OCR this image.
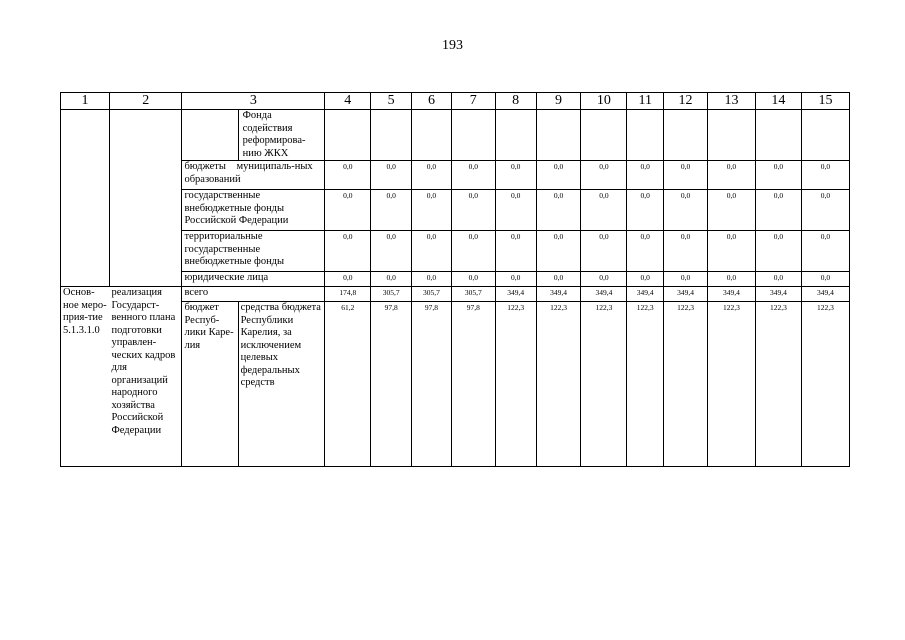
193
1	2	3		4	5	6	7	8	9	10	11	12	13	14	15
			Фонда содействия реформирова-нию ЖКХ												
		бюджеты муниципаль-ных образований		0,0	0,0	0,0	0,0	0,0	0,0	0,0	0,0	0,0	0,0	0,0	0,0
		государственные внебюджетные фонды Российской Федерации		0,0	0,0	0,0	0,0	0,0	0,0	0,0	0,0	0,0	0,0	0,0	0,0
		территориальные государственные внебюджетные фонды		0,0	0,0	0,0	0,0	0,0	0,0	0,0	0,0	0,0	0,0	0,0	0,0
		юридические лица		0,0	0,0	0,0	0,0	0,0	0,0	0,0	0,0	0,0	0,0	0,0	0,0
Основ-ное меро-прия-тие 5.1.3.1.0	реализация Государст-венного плана подготовки управлен-ческих кадров для организаций народного хозяйства Российской Федерации	всего		174,8	305,7	305,7	305,7	349,4	349,4	349,4	349,4	349,4	349,4	349,4	349,4
		бюджет Респуб-лики Каре-лия	средства бюджета Республики Карелия, за исключением целевых федеральных средств	61,2	97,8	97,8	97,8	122,3	122,3	122,3	122,3	122,3	122,3	122,3	122,3
